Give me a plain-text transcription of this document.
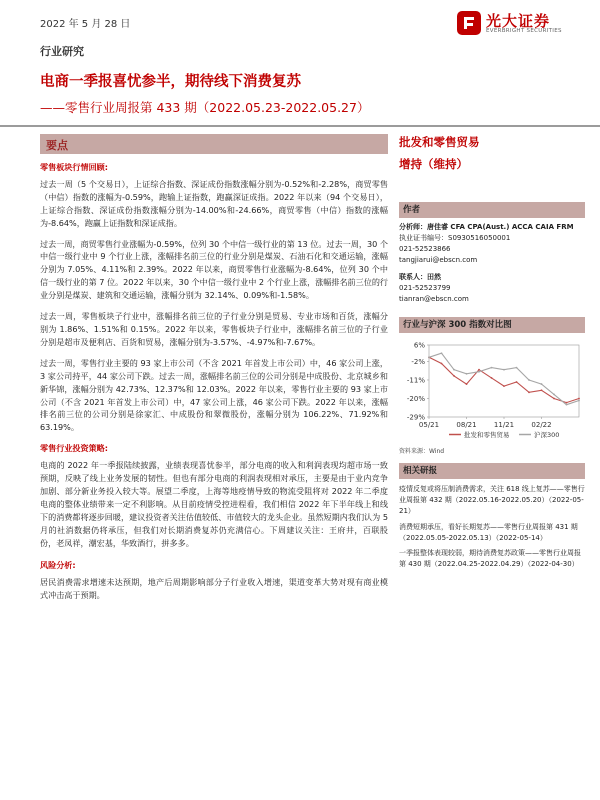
2022 年 5 月 28 日	光大证券
EVERBRIGHT SECURITIES
行业研究
电商一季报喜忧参半，期待线下消费复苏
——零售行业周报第 433 期（2022.05.23-2022.05.27）
要点
零售板块行情回顾:
过去一周（5 个交易日），上证综合指数、深证成份指数涨幅分别为-0.52%和-2.28%，商贸零售（中信）指数的涨幅为-0.59%，跑输上证指数，跑赢深证成指。2022 年以来（94 个交易日），上证综合指数、深证成份指数涨幅分别为-14.00%和-24.66%，商贸零售（中信）指数的涨幅为-8.64%，跑赢上证指数和深证成指。
过去一周，商贸零售行业涨幅为-0.59%，位列 30 个中信一级行业的第 13 位。过去一周，30 个中信一级行业中 9 个行业上涨，涨幅排名前三位的行业分别是煤炭、石油石化和交通运输，涨幅分别为 7.05%、4.11%和 2.39%。2022 年以来，商贸零售行业涨幅为-8.64%，位列 30 个中信一级行业的第 7 位。2022 年以来，30 个中信一级行业中 2 个行业上涨，涨幅排名前三位的行业分别是煤炭、建筑和交通运输，涨幅分别为 32.14%、0.09%和-1.58%。
过去一周，零售板块子行业中，涨幅排名前三位的子行业分别是贸易、专业市场和百货，涨幅分别为 1.86%、1.51%和 0.15%。2022 年以来，零售板块子行业中，涨幅排名前三位的子行业分别是超市及便利店、百货和贸易，涨幅分别为-3.57%、-4.97%和-7.67%。
过去一周，零售行业主要的 93 家上市公司（不含 2021 年首发上市公司）中，46 家公司上涨，3 家公司持平，44 家公司下跌。过去一周，涨幅排名前三位的公司分别是中成股份、北京城乡和新华锦，涨幅分别为 42.73%、12.37%和 12.03%。2022 年以来，零售行业主要的 93 家上市公司（不含 2021 年首发上市公司）中，47 家公司上涨，46 家公司下跌。2022 年以来，涨幅排名前三位的公司分别是徐家汇、中成股份和翠微股份，涨幅分别为 106.22%、71.92%和 63.19%。
零售行业投资策略:
电商的 2022 年一季报陆续披露，业绩表现喜忧参半，部分电商的收入和利润表现均超市场一致预期，反映了线上业务发展的韧性。但也有部分电商的利润表现相对承压，主要是由于业内竞争加剧、部分新业务投入较大等。展望二季度，上海等地疫情导致的物流受阻将对 2022 年二季度电商的整体业绩带来一定不利影响。从目前疫情受控进程看，我们相信 2022 年下半年线上和线下的消费都将逐步回暖，建议投资者关注估值较低、市值较大的龙头企业。虽然短期内我们认为 5 月的社消数据仍将承压，但我们对长期消费复苏仍充满信心。下周建议关注：王府井，百联股份，老凤祥，潮宏基，华致酒行，拼多多。
风险分析:
居民消费需求增速未达预期，地产后周期影响部分子行业收入增速，渠道变革大势对现有商业模式冲击高于预期。
批发和零售贸易
增持（维持）
作者
分析师：唐佳睿 CFA CPA(Aust.) ACCA CAIA FRM
执业证书编号：S0930516050001
021-52523866
tangjiarui@ebscn.com
联系人：田然
021-52523799
tianran@ebscn.com
行业与沪深 300 指数对比图
6%
-2%
-11%
-20%
-29%
05/21 08/21 11/21 02/22
批发和零售贸易	沪深300
资料来源：Wind
相关研报
疫情反复或将压制消费需求，关注 618 线上复苏——零售行业周报第 432 期（2022.05.16-2022.05.20）（2022-05-21）
消费短期承压，看好长期复苏——零售行业周报第 431 期（2022.05.05-2022.05.13）（2022-05-14）
一季报整体表现较弱，期待消费复苏政策——零售行业周报第 430 期（2022.04.25-2022.04.29）（2022-04-30）
